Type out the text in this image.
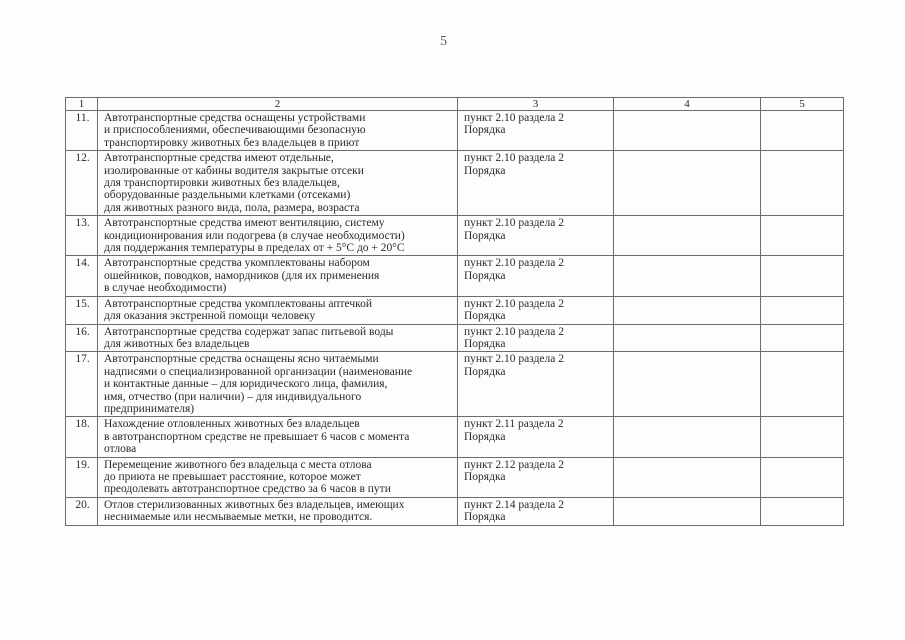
5
1	2	3	4	5
11.	Автотранспортные средства оснащены устройствами
и приспособлениями, обеспечивающими безопасную
транспортировку животных без владельцев в приют	пункт 2.10 раздела 2
Порядка		

12.	Автотранспортные средства имеют отдельные,
изолированные от кабины водителя закрытые отсеки
для транспортировки животных без владельцев,
оборудованные раздельными клетками (отсеками)
для животных разного вида, пола, размера, возраста	пункт 2.10 раздела 2
Порядка		

13.	Автотранспортные средства имеют вентиляцию, систему
кондиционирования или подогрева (в случае необходимости)
для поддержания температуры в пределах от + 5°С до + 20°С	пункт 2.10 раздела 2
Порядка		

14.	Автотранспортные средства укомплектованы набором
ошейников, поводков, намордников (для их применения
в случае необходимости)	пункт 2.10 раздела 2
Порядка		

15.	Автотранспортные средства укомплектованы аптечкой
для оказания экстренной помощи человеку	пункт 2.10 раздела 2
Порядка		

16.	Автотранспортные средства содержат запас питьевой воды
для животных без владельцев	пункт 2.10 раздела 2
Порядка		

17.	Автотранспортные средства оснащены ясно читаемыми
надписями о специализированной организации (наименование
и контактные данные – для юридического лица, фамилия,
имя, отчество (при наличии) – для индивидуального
предпринимателя)	пункт 2.10 раздела 2
Порядка		

18.	Нахождение отловленных животных без владельцев
в автотранспортном средстве не превышает 6 часов с момента
отлова	пункт 2.11 раздела 2
Порядка		

19.	Перемещение животного без владельца с места отлова
до приюта не превышает расстояние, которое может
преодолевать автотранспортное средство за 6 часов в пути	пункт 2.12 раздела 2
Порядка		

20.	Отлов стерилизованных животных без владельцев, имеющих
неснимаемые или несмываемые метки, не проводится.	пункт 2.14 раздела 2
Порядка		
